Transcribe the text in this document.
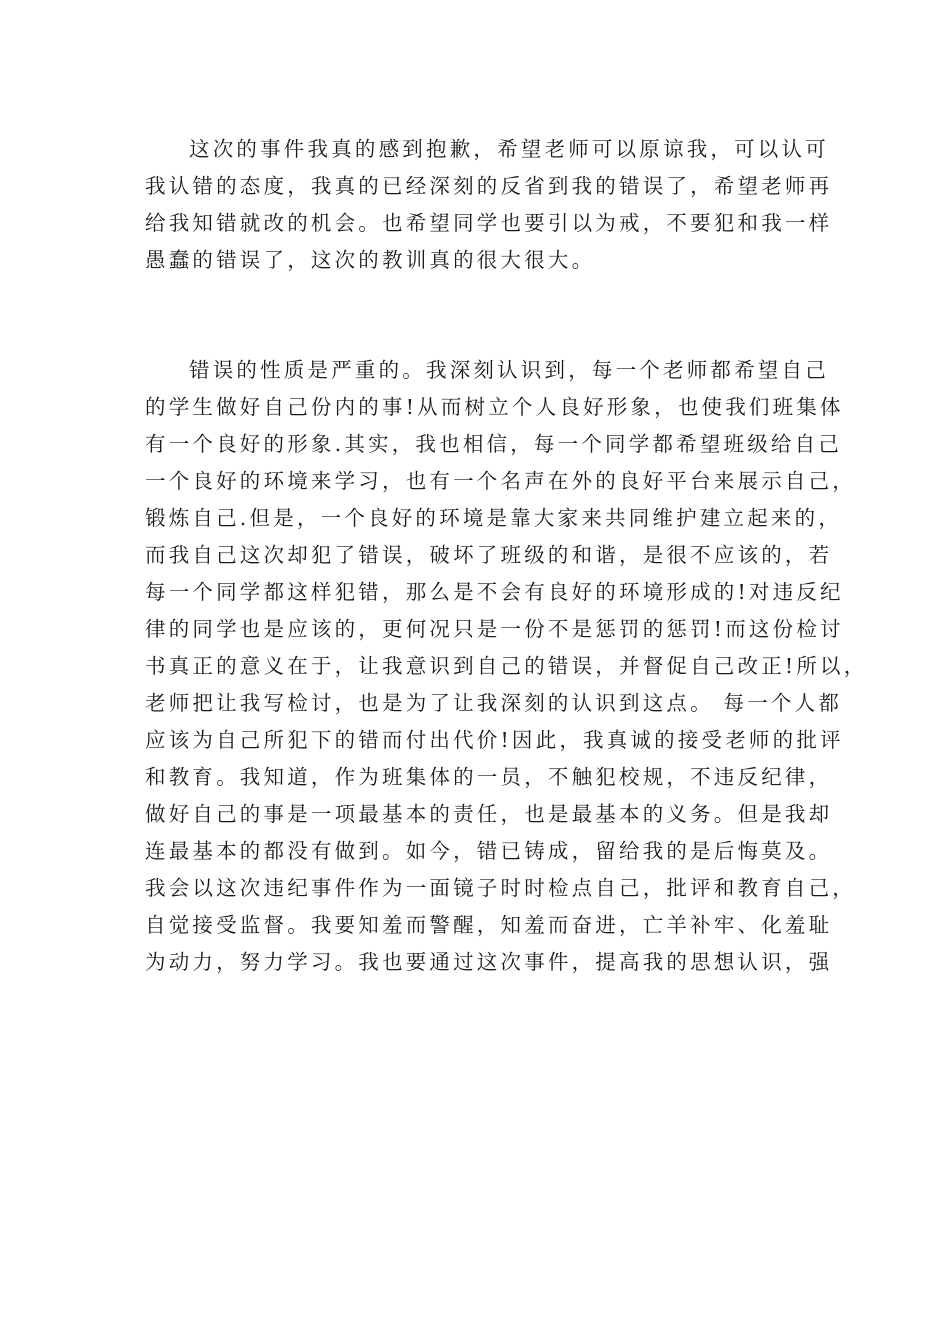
这次的事件我真的感到抱歉，希望老师可以原谅我，可以认可
我认错的态度，我真的已经深刻的反省到我的错误了，希望老师再
给我知错就改的机会。也希望同学也要引以为戒，不要犯和我一样
愚蠢的错误了，这次的教训真的很大很大。
错误的性质是严重的。我深刻认识到，每一个老师都希望自己
的学生做好自己份内的事!从而树立个人良好形象，也使我们班集体
有一个良好的形象.其实，我也相信，每一个同学都希望班级给自己
一个良好的环境来学习，也有一个名声在外的良好平台来展示自己，
锻炼自己.但是，一个良好的环境是靠大家来共同维护建立起来的，
而我自己这次却犯了错误，破坏了班级的和谐，是很不应该的，若
每一个同学都这样犯错，那么是不会有良好的环境形成的!对违反纪
律的同学也是应该的，更何况只是一份不是惩罚的惩罚!而这份检讨
书真正的意义在于，让我意识到自己的错误，并督促自己改正!所以，
老师把让我写检讨，也是为了让我深刻的认识到这点。 每一个人都
应该为自己所犯下的错而付出代价!因此，我真诚的接受老师的批评
和教育。我知道，作为班集体的一员，不触犯校规，不违反纪律，
做好自己的事是一项最基本的责任，也是最基本的义务。但是我却
连最基本的都没有做到。如今，错已铸成，留给我的是后悔莫及。
我会以这次违纪事件作为一面镜子时时检点自己，批评和教育自己，
自觉接受监督。我要知羞而警醒，知羞而奋进，亡羊补牢、化羞耻
为动力，努力学习。我也要通过这次事件，提高我的思想认识，强
